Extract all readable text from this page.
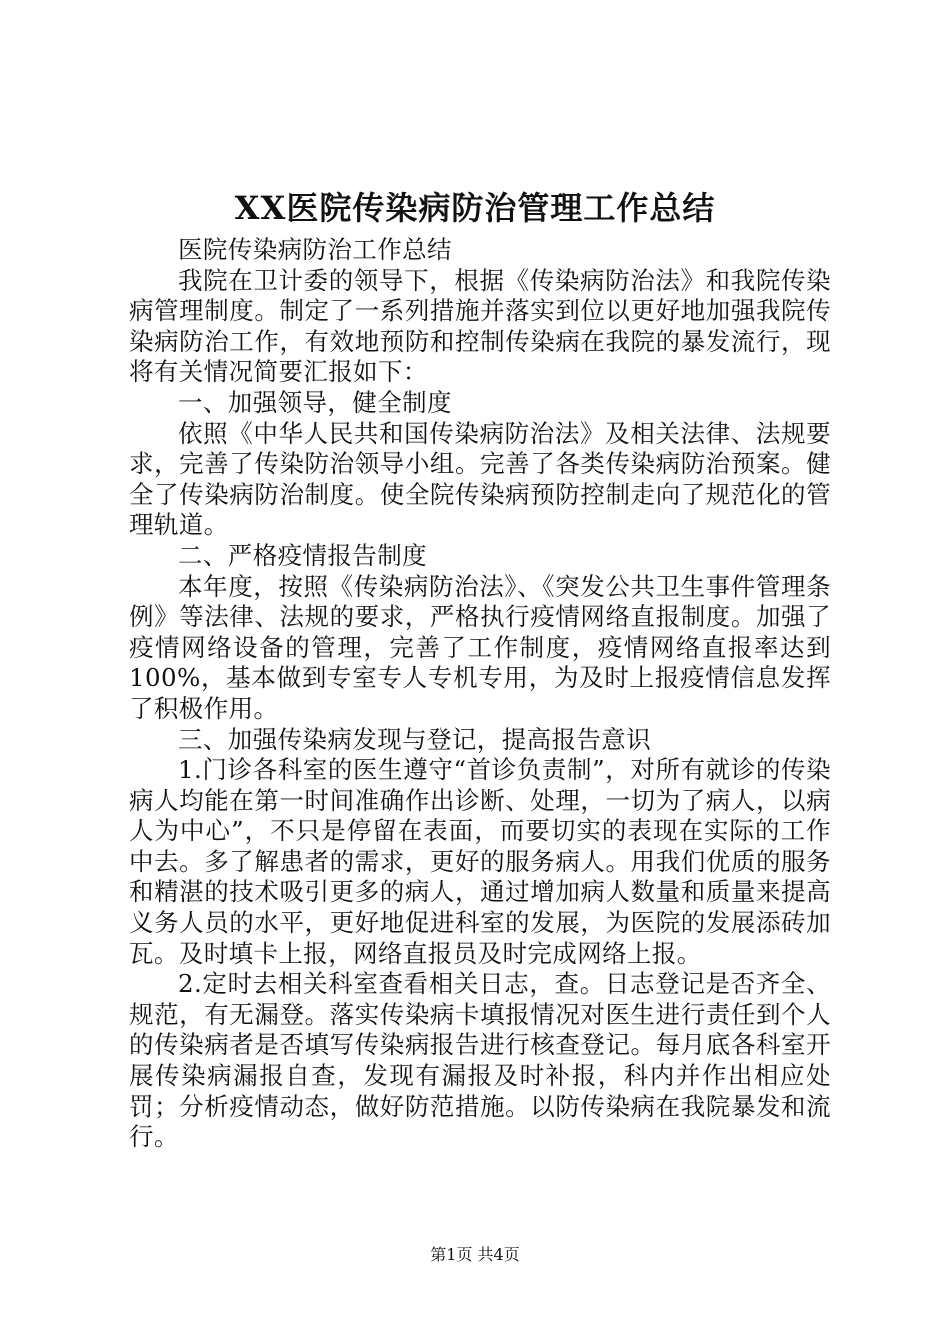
XX医院传染病防治管理工作总结

医院传染病防治工作总结

我院在卫计委的领导下，根据《传染病防治法》和我院传染病管理制度。制定了一系列措施并落实到位以更好地加强我院传染病防治工作，有效地预防和控制传染病在我院的暴发流行，现将有关情况简要汇报如下：

一、加强领导，健全制度

依照《中华人民共和国传染病防治法》及相关法律、法规要求，完善了传染防治领导小组。完善了各类传染病防治预案。健全了传染病防治制度。使全院传染病预防控制走向了规范化的管理轨道。

二、严格疫情报告制度

本年度，按照《传染病防治法》、《突发公共卫生事件管理条例》等法律、法规的要求，严格执行疫情网络直报制度。加强了疫情网络设备的管理，完善了工作制度，疫情网络直报率达到100%，基本做到专室专人专机专用，为及时上报疫情信息发挥了积极作用。

三、加强传染病发现与登记，提高报告意识

1.门诊各科室的医生遵守“首诊负责制”，对所有就诊的传染病人均能在第一时间准确作出诊断、处理，一切为了病人，以病人为中心”，不只是停留在表面，而要切实的表现在实际的工作中去。多了解患者的需求，更好的服务病人。用我们优质的服务和精湛的技术吸引更多的病人，通过增加病人数量和质量来提高义务人员的水平，更好地促进科室的发展，为医院的发展添砖加瓦。及时填卡上报，网络直报员及时完成网络上报。

2.定时去相关科室查看相关日志，查。日志登记是否齐全、规范，有无漏登。落实传染病卡填报情况对医生进行责任到个人的传染病者是否填写传染病报告进行核查登记。每月底各科室开展传染病漏报自查，发现有漏报及时补报，科内并作出相应处罚；分析疫情动态，做好防范措施。以防传染病在我院暴发和流行。

第1页 共4页
